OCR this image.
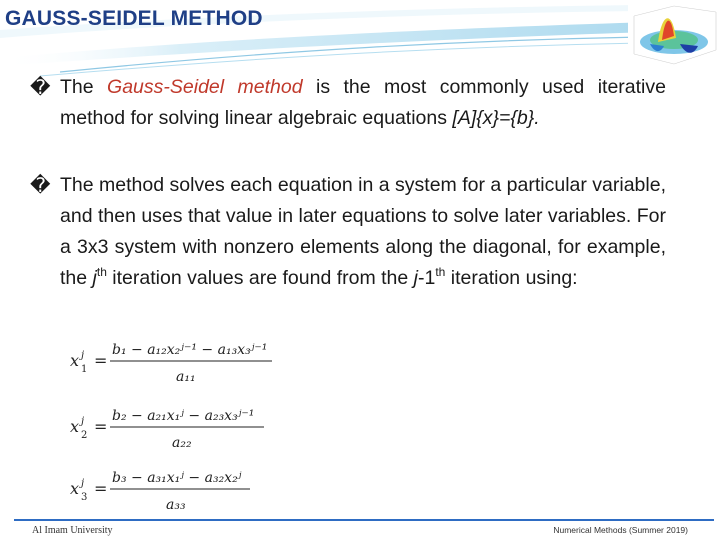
GAUSS-SEIDEL METHOD
� The Gauss-Seidel method is the most commonly used iterative method for solving linear algebraic equations [A]{x}={b}.
� The method solves each equation in a system for a particular variable, and then uses that value in later equations to solve later variables. For a 3x3 system with nonzero elements along the diagonal, for example, the $j^{th}$ iteration values are found from the j-1th iteration using:
x j
1 =
b₁ − a₁₂x₂ʲ⁻¹ − a₁₃x₃ʲ⁻¹
a₁₁
x j
2 =
b₂ − a₂₁x₁ʲ − a₂₃x₃ʲ⁻¹
a₂₂
x j
3 =
b₃ − a₃₁x₁ʲ − a₃₂x₂ʲ
a₃₃
Al Imam University	Numerical Methods (Summer 2019)
